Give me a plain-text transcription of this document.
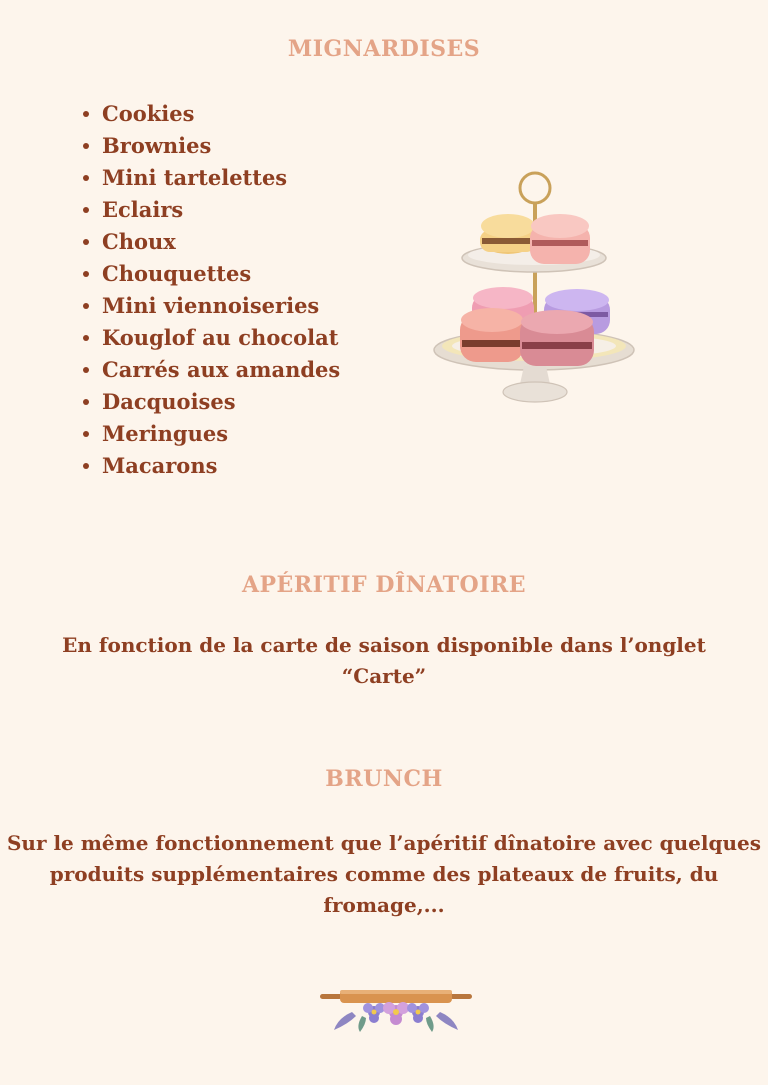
MIGNARDISES
Cookies
Brownies
Mini tartelettes
Eclairs
Choux
Chouquettes
Mini viennoiseries
Kouglof au chocolat
Carrés aux amandes
Dacquoises
Meringues
Macarons
APÉRITIF DÎNATOIRE

En fonction de la carte de saison disponible dans l’onglet “Carte”

BRUNCH

Sur le même fonctionnement que l’apéritif dînatoire avec quelques produits supplémentaires comme des plateaux de fruits, du fromage,...
